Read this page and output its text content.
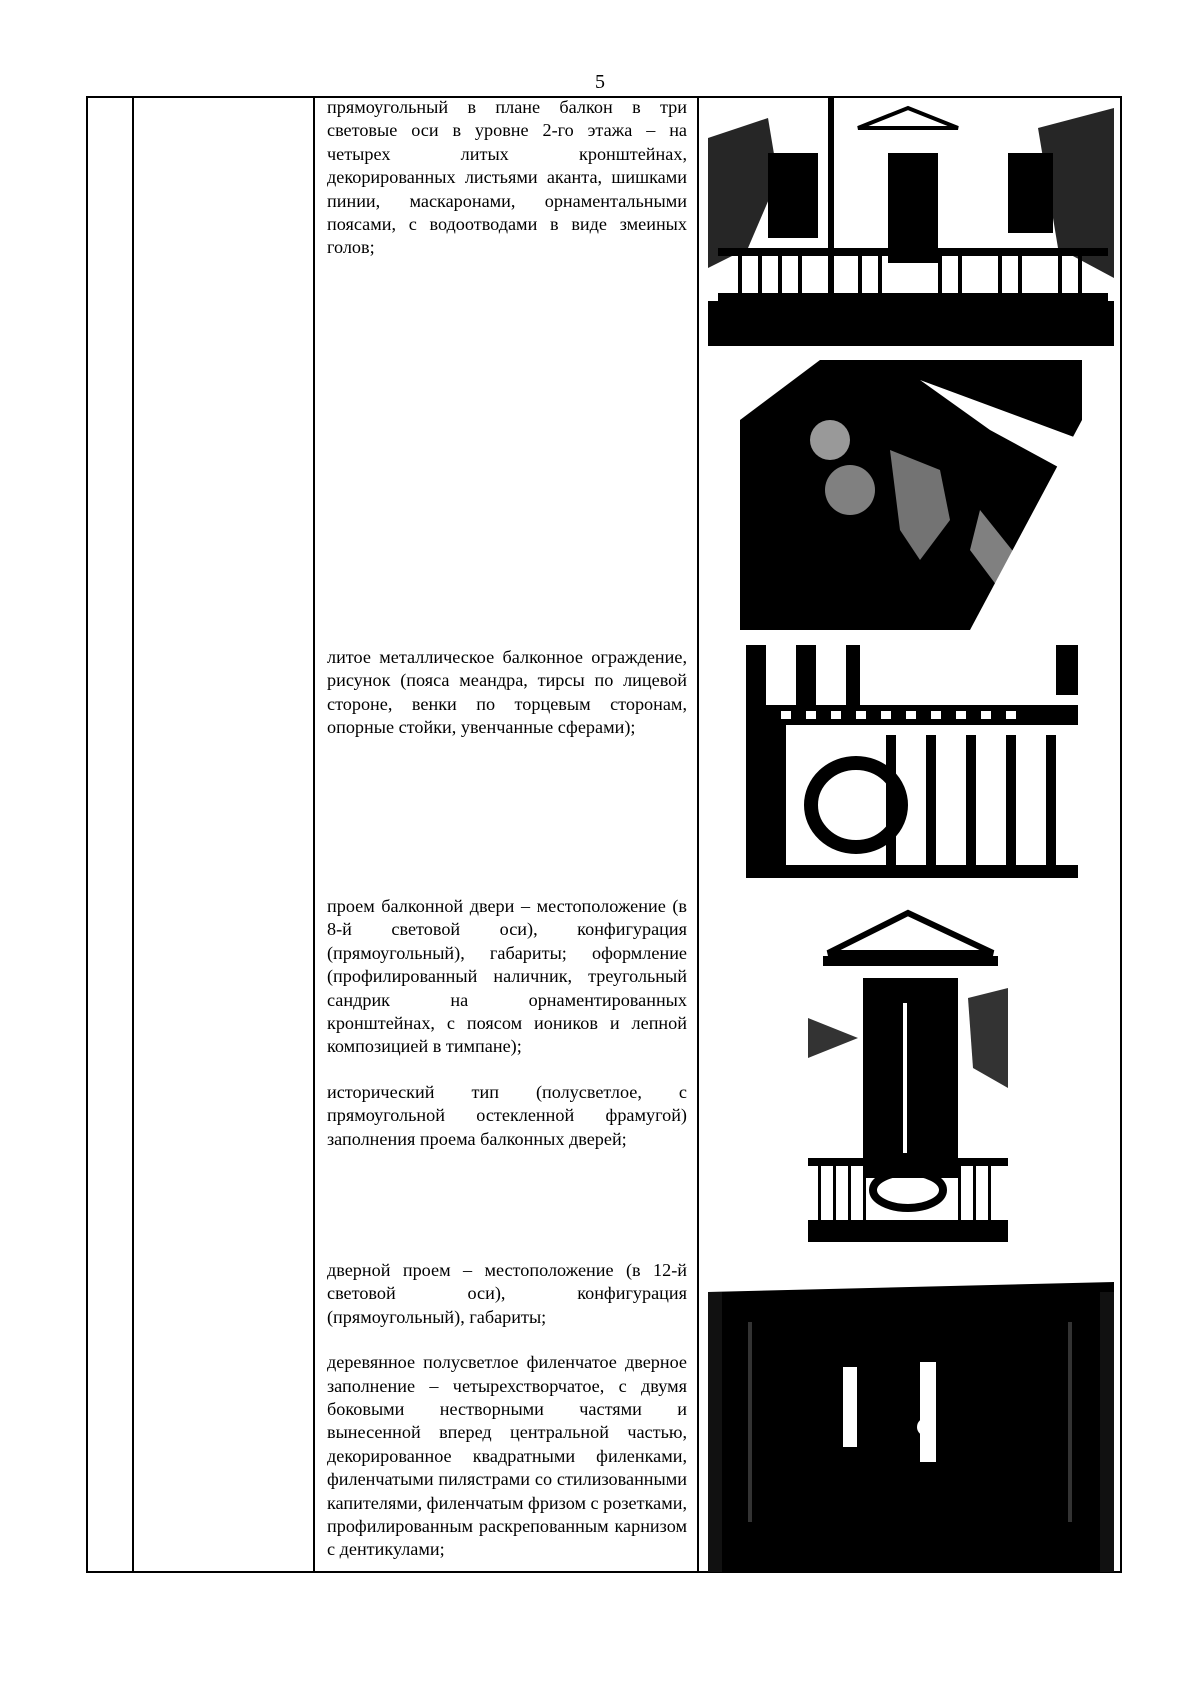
5

прямоугольный в плане балкон в три световые оси в уровне 2-го этажа – на четырех литых кронштейнах, декорированных листьями аканта, шишками пинии, маскаронами, орнаментальными поясами, с водоотводами в виде змеиных голов;

литое металлическое балконное ограждение, рисунок (пояса меандра, тирсы по лицевой стороне, венки по торцевым сторонам, опорные стойки, увенчанные сферами);

проем балконной двери – местоположение (в 8-й световой оси), конфигурация (прямоугольный), габариты; оформление (профилированный наличник, треугольный сандрик на орнаментированных кронштейнах, с поясом иоников и лепной композицией в тимпане);

исторический тип (полусветлое, с прямоугольной остекленной фрамугой) заполнения проема балконных дверей;

дверной проем – местоположение (в 12-й световой оси), конфигурация (прямоугольный), габариты;

деревянное полусветлое филенчатое дверное заполнение – четырехстворчатое, с двумя боковыми нестворными частями и вынесенной вперед центральной частью, декорированное квадратными филенками, филенчатыми пилястрами со стилизованными капителями, филенчатым фризом с розетками, профилированным раскрепованным карнизом с дентикулами;
